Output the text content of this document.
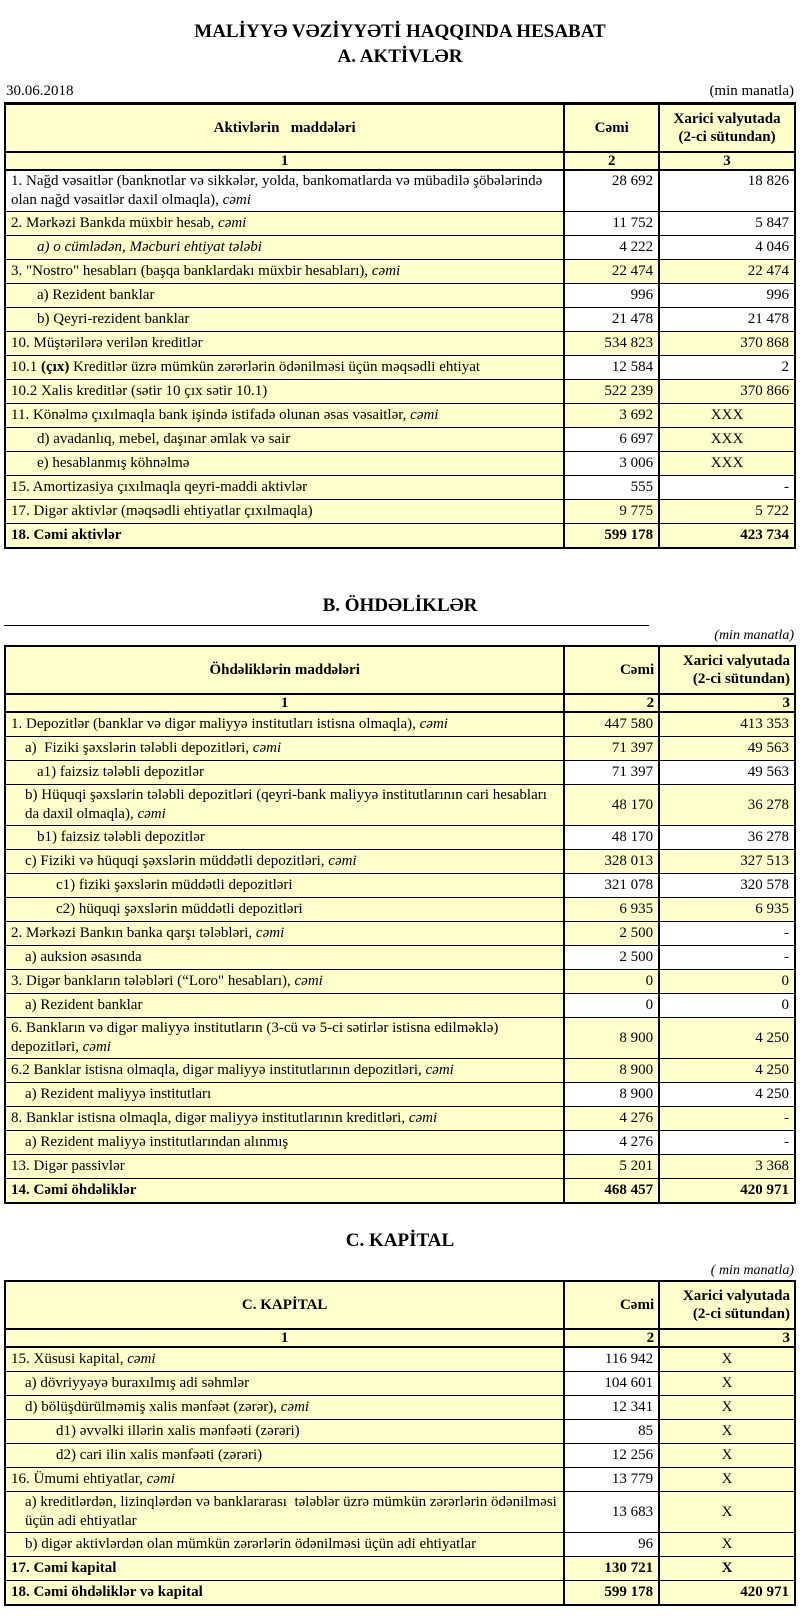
MALİYYƏ VƏZİYYƏTİ HAQQINDA HESABAT
A. AKTİVLƏR
30.06.2018	(min manatla)
Aktivlərin   maddələri	Cəmi	Xarici valyutada
(2-ci sütundan)

1	2	3
1. Nağd vəsaitlər (banknotlar və sikkələr, yolda, bankomatlarda və mübadilə şöbələrində olan nağd vəsaitlər daxil olmaqla), cəmi	28 692	18 826
2. Mərkəzi Bankda müxbir hesab, cəmi	11 752	5 847
a) o cümlədən, Məcburi ehtiyat tələbi	4 222	4 046
3. "Nostro" hesabları (başqa banklardakı müxbir hesabları), cəmi	22 474	22 474
a) Rezident banklar	996	996
b) Qeyri-rezident banklar	21 478	21 478
10. Müştərilərə verilən kreditlər	534 823	370 868
10.1 (çıx) Kreditlər üzrə mümkün zərərlərin ödənilməsi üçün məqsədli ehtiyat	12 584	2
10.2 Xalis kreditlər (sətir 10 çıx sətir 10.1)	522 239	370 866
11. Könəlmə çıxılmaqla bank işində istifadə olunan əsas vəsaitlər, cəmi	3 692	XXX
d) avadanlıq, mebel, daşınar əmlak və sair	6 697	XXX
e) hesablanmış köhnəlmə	3 006	XXX
15. Amortizasiya çıxılmaqla qeyri-maddi aktivlər	555	-
17. Digər aktivlər (məqsədli ehtiyatlar çıxılmaqla)	9 775	5 722
18. Cəmi aktivlər	599 178	423 734
B. ÖHDƏLİKLƏR
(min manatla)
Öhdəliklərin maddələri	Cəmi	Xarici valyutada
(2-ci sütundan)

1	2	3
1. Depozitlər (banklar və digər maliyyə institutları istisna olmaqla), cəmi	447 580	413 353
a)  Fiziki şəxslərin tələbli depozitləri, cəmi	71 397	49 563
a1) faizsiz tələbli depozitlər	71 397	49 563
b) Hüquqi şəxslərin tələbli depozitləri (qeyri-bank maliyyə institutlarının cari hesabları da daxil olmaqla), cəmi	48 170	36 278
b1) faizsiz tələbli depozitlər	48 170	36 278
c) Fiziki və hüquqi şəxslərin müddətli depozitləri, cəmi	328 013	327 513
c1) fiziki şəxslərin müddətli depozitləri	321 078	320 578
c2) hüquqi şəxslərin müddətli depozitləri	6 935	6 935
2. Mərkəzi Bankın banka qarşı tələbləri, cəmi	2 500	-
a) auksion əsasında	2 500	-
3. Digər bankların tələbləri (“Loro" hesabları), cəmi	0	0
a) Rezident banklar	0	0
6. Bankların və digər maliyyə institutların (3-cü və 5-ci sətirlər istisna edilməklə) depozitləri, cəmi	8 900	4 250
6.2 Banklar istisna olmaqla, digər maliyyə institutlarının depozitləri, cəmi	8 900	4 250
a) Rezident maliyyə institutları	8 900	4 250
8. Banklar istisna olmaqla, digər maliyyə institutlarının kreditləri, cəmi	4 276	-
a) Rezident maliyyə institutlarından alınmış	4 276	-
13. Digər passivlər	5 201	3 368
14. Cəmi öhdəliklər	468 457	420 971
C. KAPİTAL
( min manatla)
C. KAPİTAL	Cəmi	Xarici valyutada
(2-ci sütundan)

1	2	3
15. Xüsusi kapital, cəmi	116 942	X
a) dövriyyəyə buraxılmış adi səhmlər	104 601	X
d) bölüşdürülməmiş xalis mənfəət (zərər), cəmi	12 341	X
d1) əvvəlki illərin xalis mənfəəti (zərəri)	85	X
d2) cari ilin xalis mənfəəti (zərəri)	12 256	X
16. Ümumi ehtiyatlar, cəmi	13 779	X
a) kreditlərdən, lizinqlərdən və banklararası  tələblər üzrə mümkün zərərlərin ödənilməsi üçün adi ehtiyatlar	13 683	X
b) digər aktivlərdən olan mümkün zərərlərin ödənilməsi üçün adi ehtiyatlar	96	X
17. Cəmi kapital	130 721	X
18. Cəmi öhdəliklər və kapital	599 178	420 971
